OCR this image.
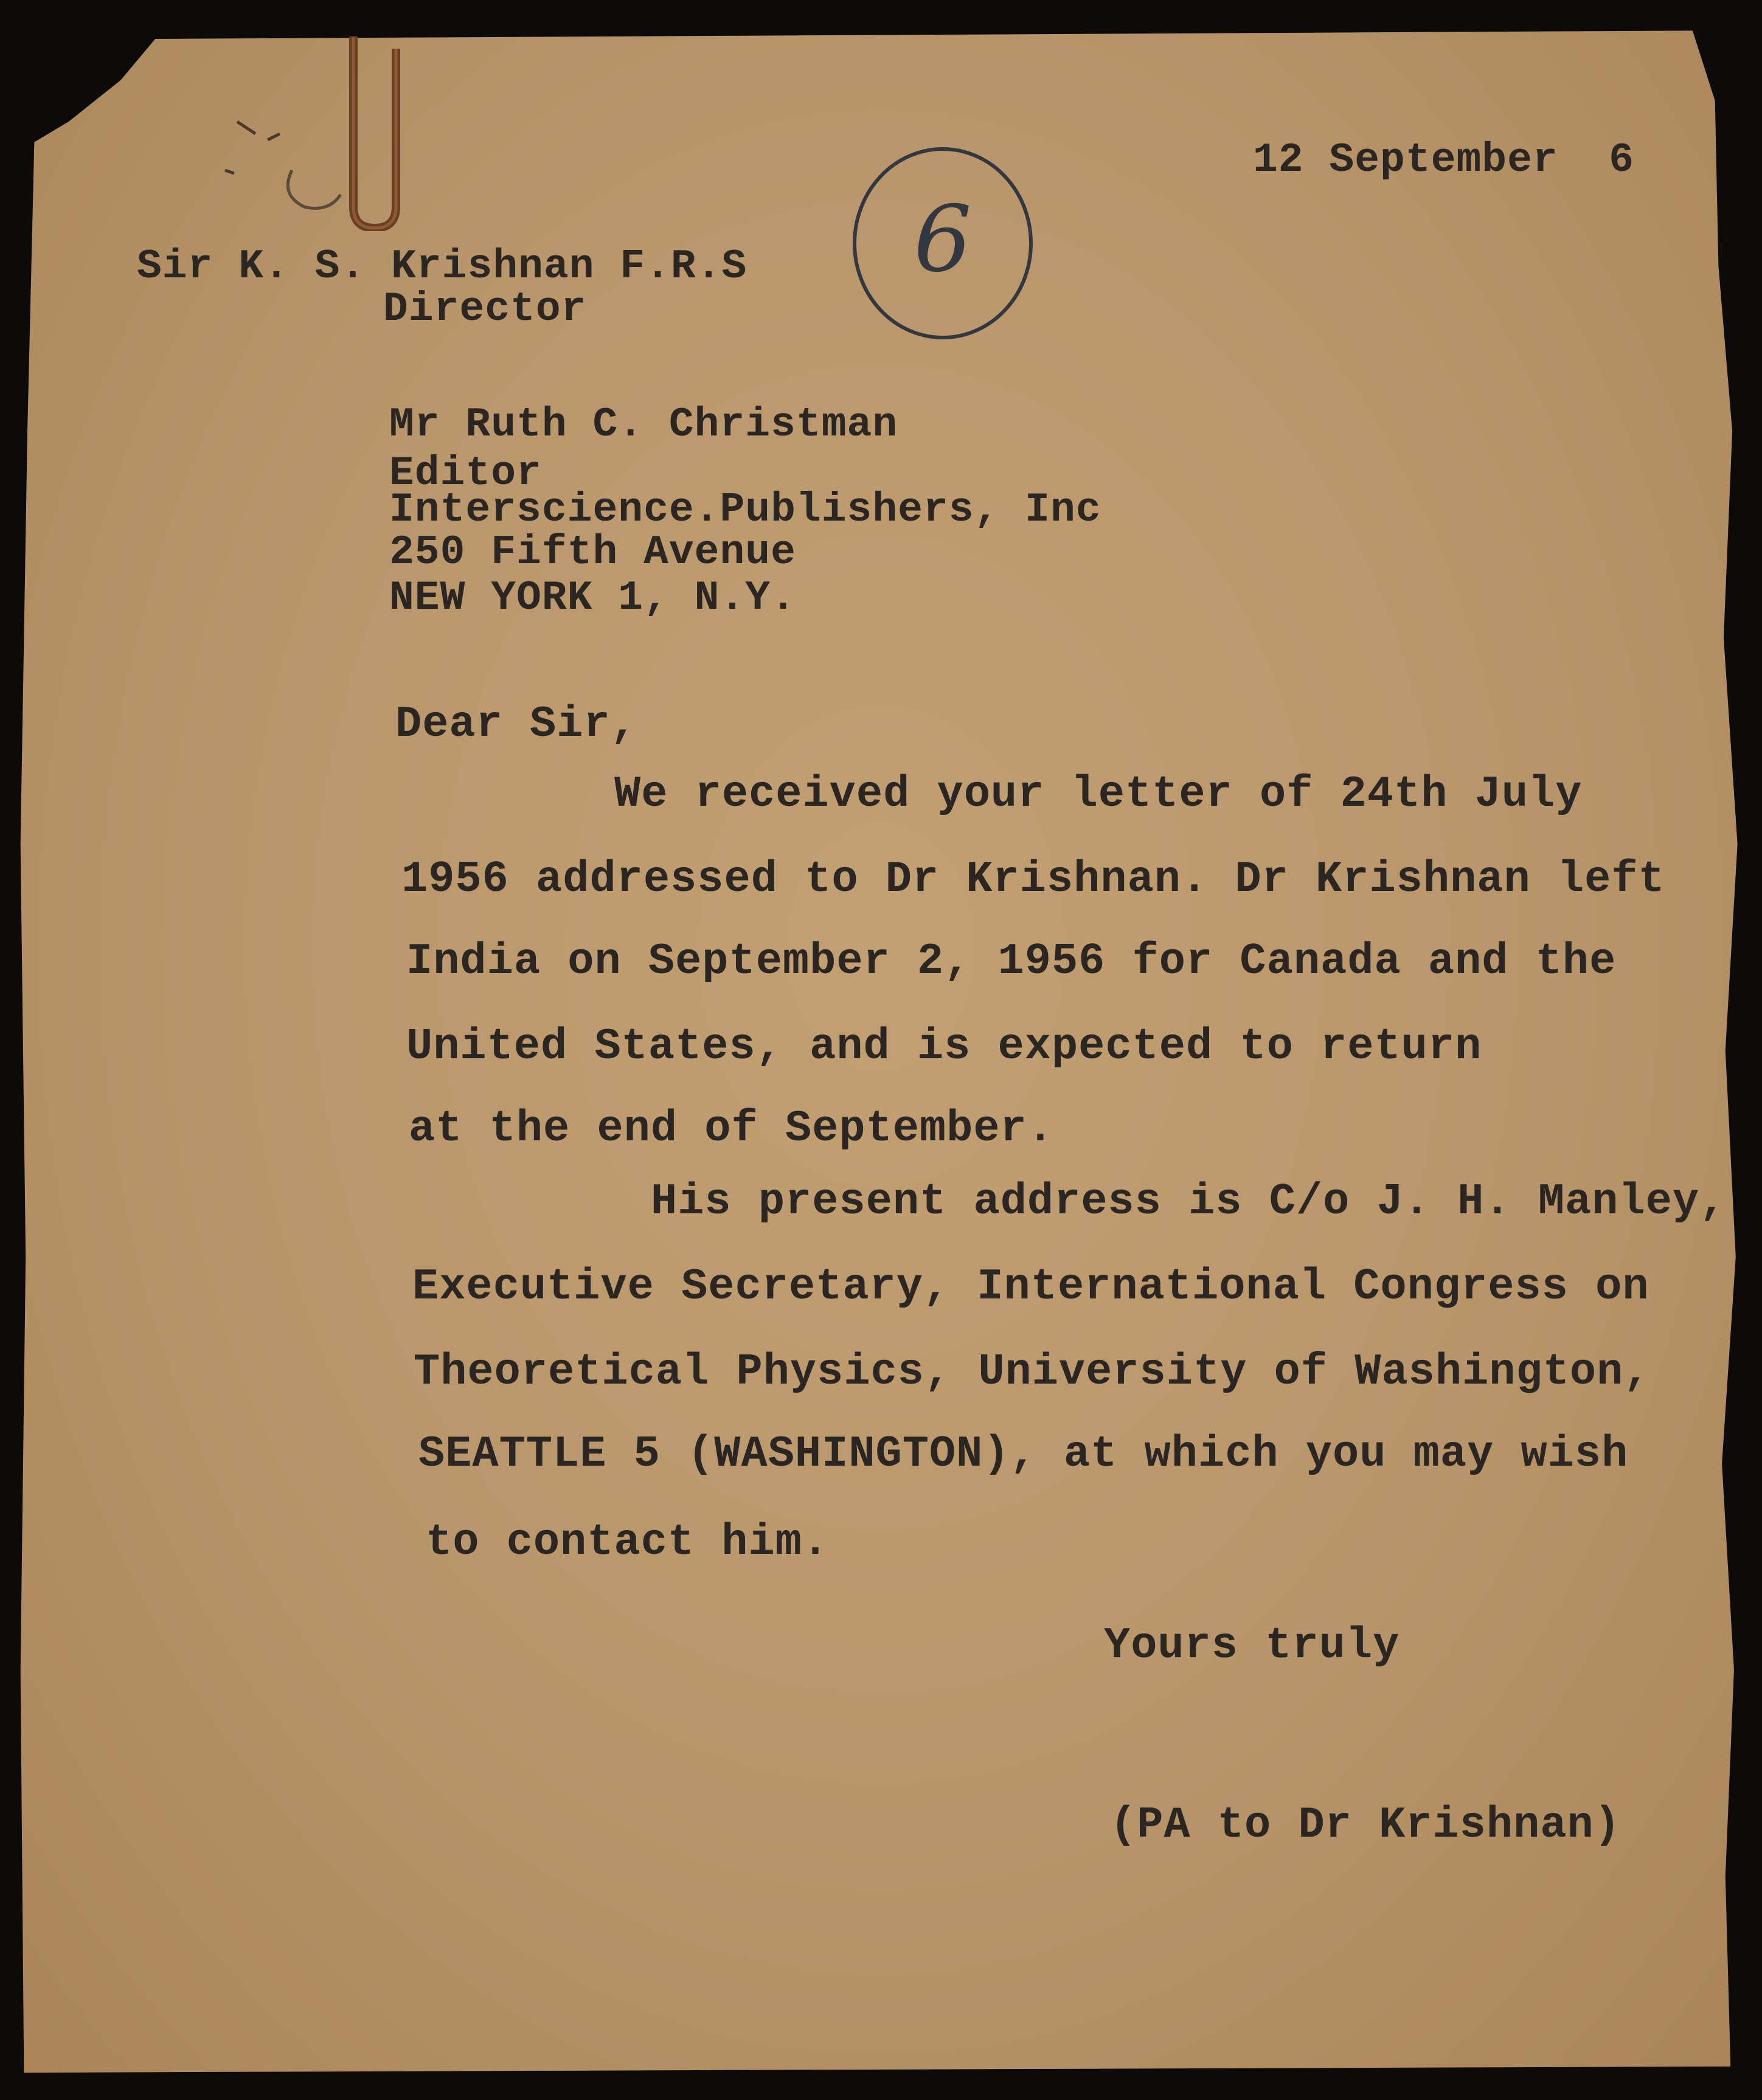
6

12 September  6

Sir K. S. Krishnan F.R.S

Director

Mr Ruth C. Christman

Editor

Interscience.Publishers, Inc

250 Fifth Avenue

NEW YORK 1, N.Y.

Dear Sir,

We received your letter of 24th July

1956 addressed to Dr Krishnan. Dr Krishnan left

India on September 2, 1956 for Canada and the

United States, and is expected to return

at the end of September.

His present address is C/o J. H. Manley,

Executive Secretary, International Congress on

Theoretical Physics, University of Washington,

SEATTLE 5 (WASHINGTON), at which you may wish

to contact him.

Yours truly

(PA to Dr Krishnan)
